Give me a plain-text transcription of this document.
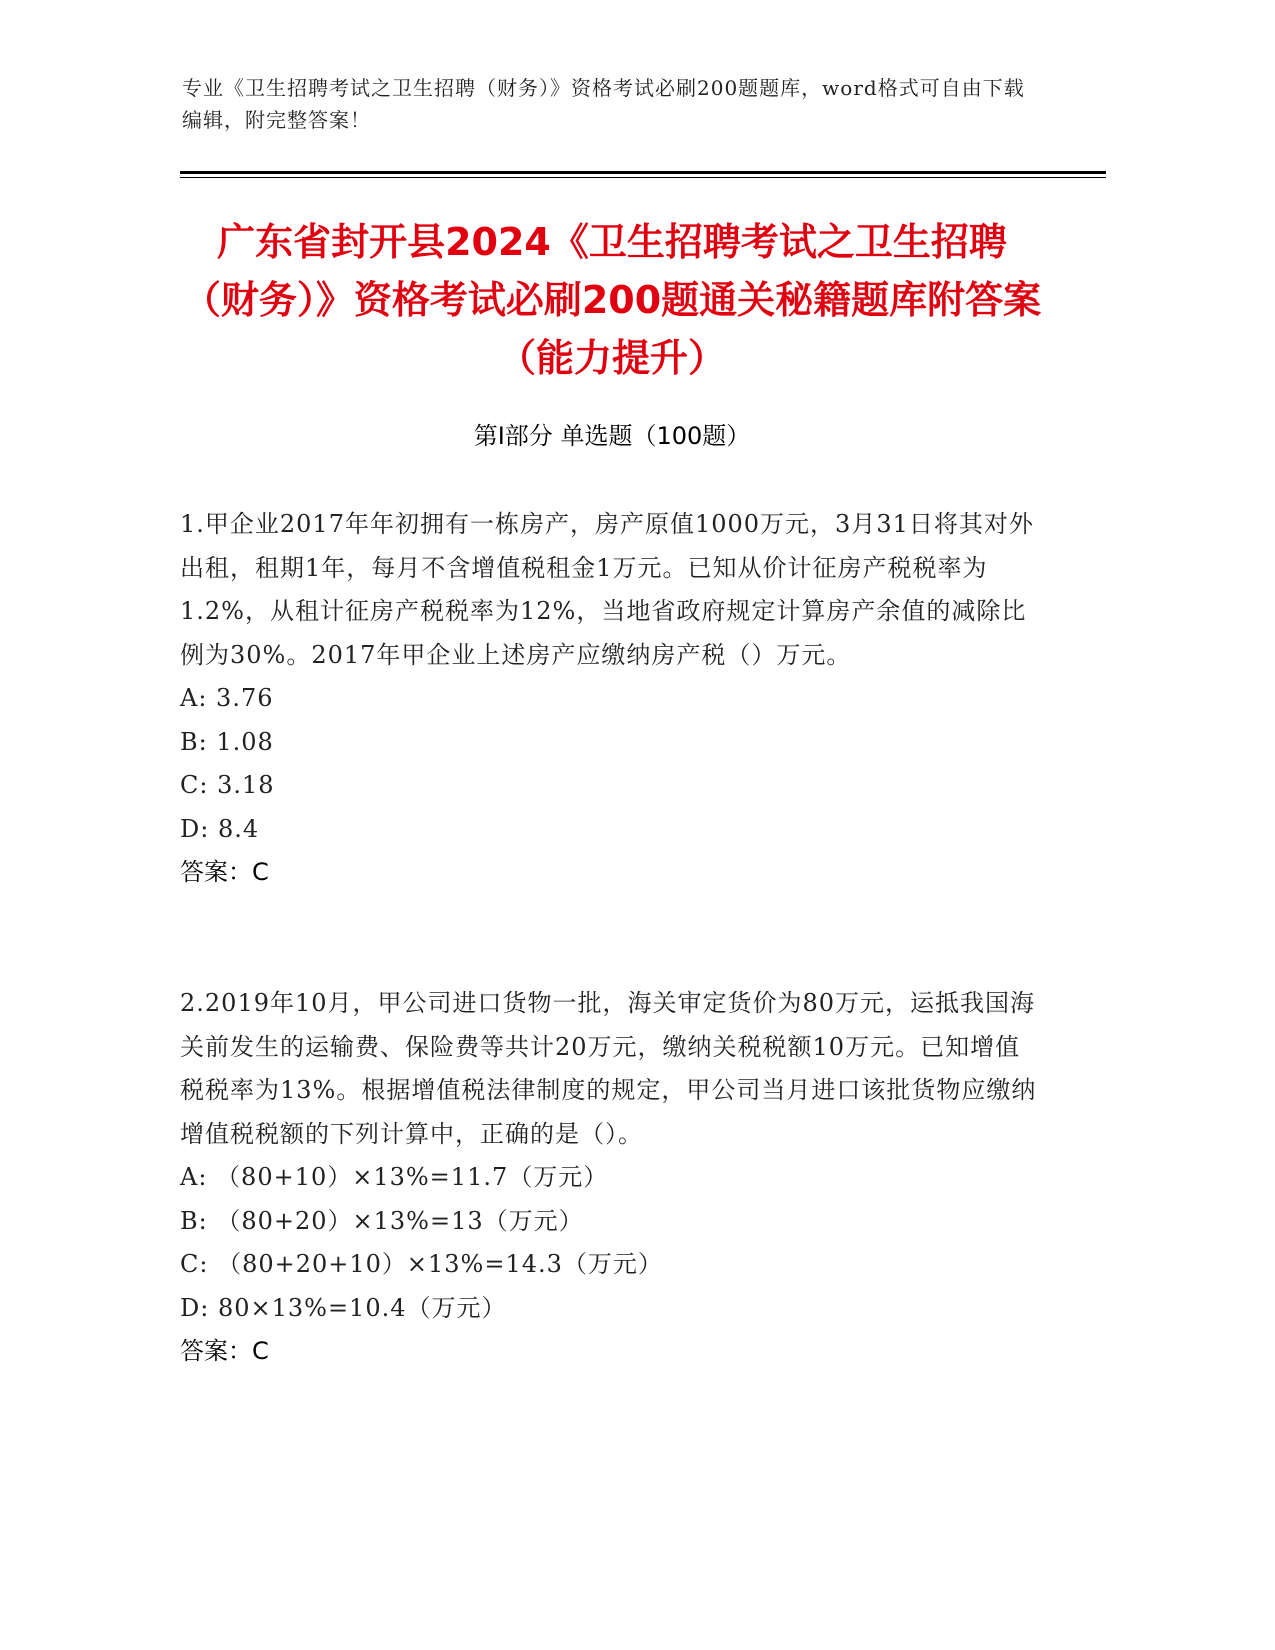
专业《卫生招聘考试之卫生招聘（财务）》资格考试必刷200题题库，word格式可自由下载编辑，附完整答案！
广东省封开县2024《卫生招聘考试之卫生招聘（财务）》资格考试必刷200题通关秘籍题库附答案（能力提升）
第Ⅰ部分 单选题（100题）
1.甲企业2017年年初拥有一栋房产，房产原值1000万元，3月31日将其对外出租，租期1年，每月不含增值税租金1万元。已知从价计征房产税税率为1.2%，从租计征房产税税率为12%，当地省政府规定计算房产余值的减除比例为30%。2017年甲企业上述房产应缴纳房产税（）万元。
A: 3.76
B: 1.08
C: 3.18
D: 8.4
答案：C
2.2019年10月，甲公司进口货物一批，海关审定货价为80万元，运抵我国海关前发生的运输费、保险费等共计20万元，缴纳关税税额10万元。已知增值税税率为13%。根据增值税法律制度的规定，甲公司当月进口该批货物应缴纳增值税税额的下列计算中，正确的是（）。
A: （80+10）×13%=11.7（万元）
B: （80+20）×13%=13（万元）
C: （80+20+10）×13%=14.3（万元）
D: 80×13%=10.4（万元）
答案：C
